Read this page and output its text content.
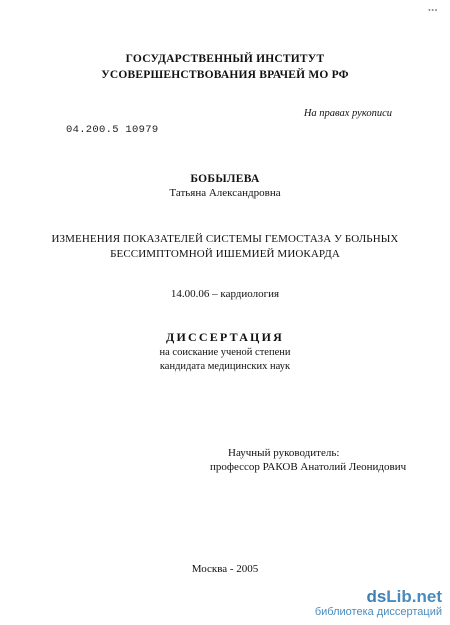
•••
ГОСУДАРСТВЕННЫЙ ИНСТИТУТ
УСОВЕРШЕНСТВОВАНИЯ ВРАЧЕЙ МО РФ
На правах рукописи
04.200.5 10979
БОБЫЛЕВА
Татьяна Александровна
ИЗМЕНЕНИЯ ПОКАЗАТЕЛЕЙ СИСТЕМЫ ГЕМОСТАЗА У БОЛЬНЫХ
БЕССИМПТОМНОЙ ИШЕМИЕЙ МИОКАРДА
14.00.06 – кардиология
ДИССЕРТАЦИЯ
на соискание ученой степени
кандидата медицинских наук
Научный руководитель:
профессор РАКОВ Анатолий Леонидович
Москва - 2005
dsLib.net
библиотека диссертаций
